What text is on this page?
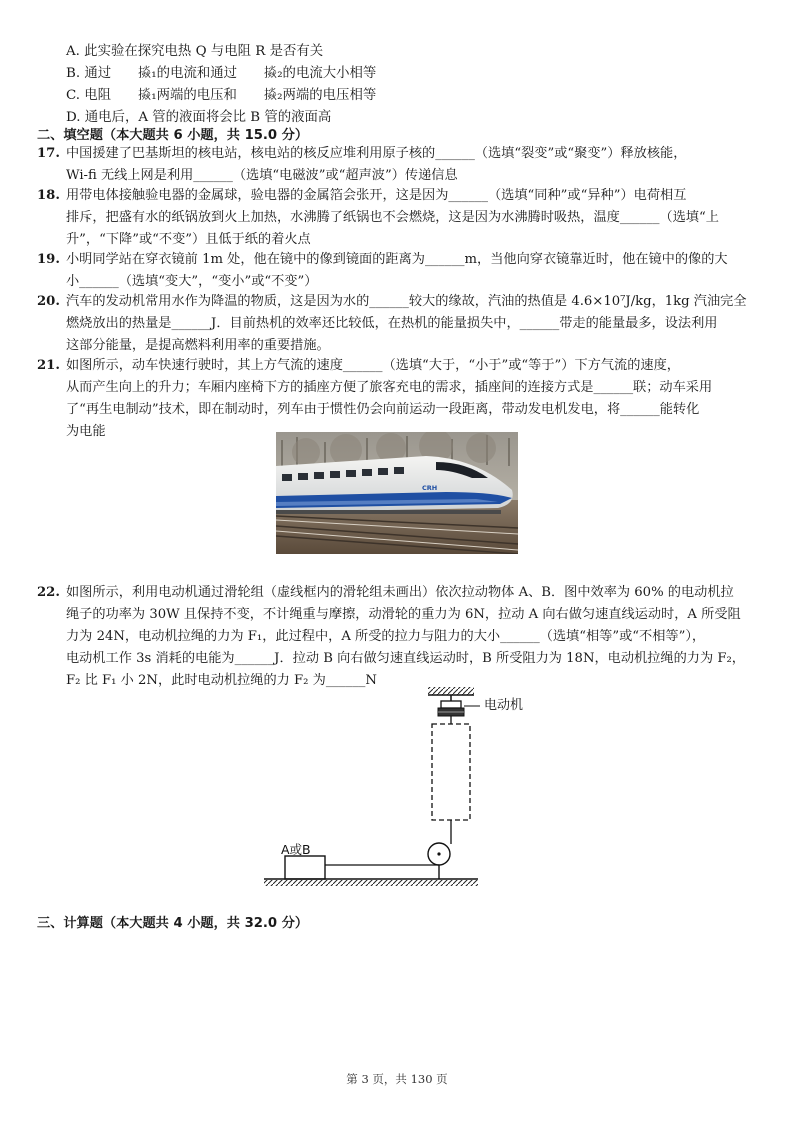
A. 此实验在探究电热 Q 与电阻 R 是否有关
B. 通过　　𢴵₁的电流和通过　　𢴵₂的电流大小相等
C. 电阻　　𢴵₁两端的电压和　　𢴵₂两端的电压相等
D. 通电后，A 管的液面将会比 B 管的液面高
二、填空题（本大题共 6 小题，共 15.0 分）
17. 中国援建了巴基斯坦的核电站，核电站的核反应堆利用原子核的______（选填“裂变”或“聚变”）释放核能，
Wi-fi 无线上网是利用______（选填“电磁波”或“超声波”）传递信息
18. 用带电体接触验电器的金属球，验电器的金属箔会张开，这是因为______（选填“同种”或“异种”）电荷相互
排斥，把盛有水的纸锅放到火上加热，水沸腾了纸锅也不会燃烧，这是因为水沸腾时吸热，温度______（选填“上
升”，“下降”或“不变”）且低于纸的着火点
19. 小明同学站在穿衣镜前 1m 处，他在镜中的像到镜面的距离为______m，当他向穿衣镜靠近时，他在镜中的像的大
小______（选填“变大”，“变小”或“不变”）
20. 汽车的发动机常用水作为降温的物质，这是因为水的______较大的缘故，汽油的热值是 4.6×10⁷J/kg，1kg 汽油完全
燃烧放出的热量是______J．目前热机的效率还比较低，在热机的能量损失中，______带走的能量最多，设法利用
这部分能量，是提高燃料利用率的重要措施。
21. 如图所示，动车快速行驶时，其上方气流的速度______（选填“大于，“小于”或“等于”）下方气流的速度，
从而产生向上的升力；车厢内座椅下方的插座方便了旅客充电的需求，插座间的连接方式是______联；动车采用
了“再生电制动”技术，即在制动时，列车由于惯性仍会向前运动一段距离，带动发电机发电，将______能转化
为电能
CRH
22. 如图所示，利用电动机通过滑轮组（虚线框内的滑轮组未画出）依次拉动物体 A、B．图中效率为 60% 的电动机拉
绳子的功率为 30W 且保持不变，不计绳重与摩擦，动滑轮的重力为 6N，拉动 A 向右做匀速直线运动时，A 所受阻
力为 24N，电动机拉绳的力为 F₁，此过程中，A 所受的拉力与阻力的大小______（选填“相等”或“不相等”），
电动机工作 3s 消耗的电能为______J．拉动 B 向右做匀速直线运动时，B 所受阻力为 18N，电动机拉绳的力为 F₂，
F₂ 比 F₁ 小 2N，此时电动机拉绳的力 F₂ 为______N
电动机
A或B
三、计算题（本大题共 4 小题，共 32.0 分）
第 3 页，共 130 页
